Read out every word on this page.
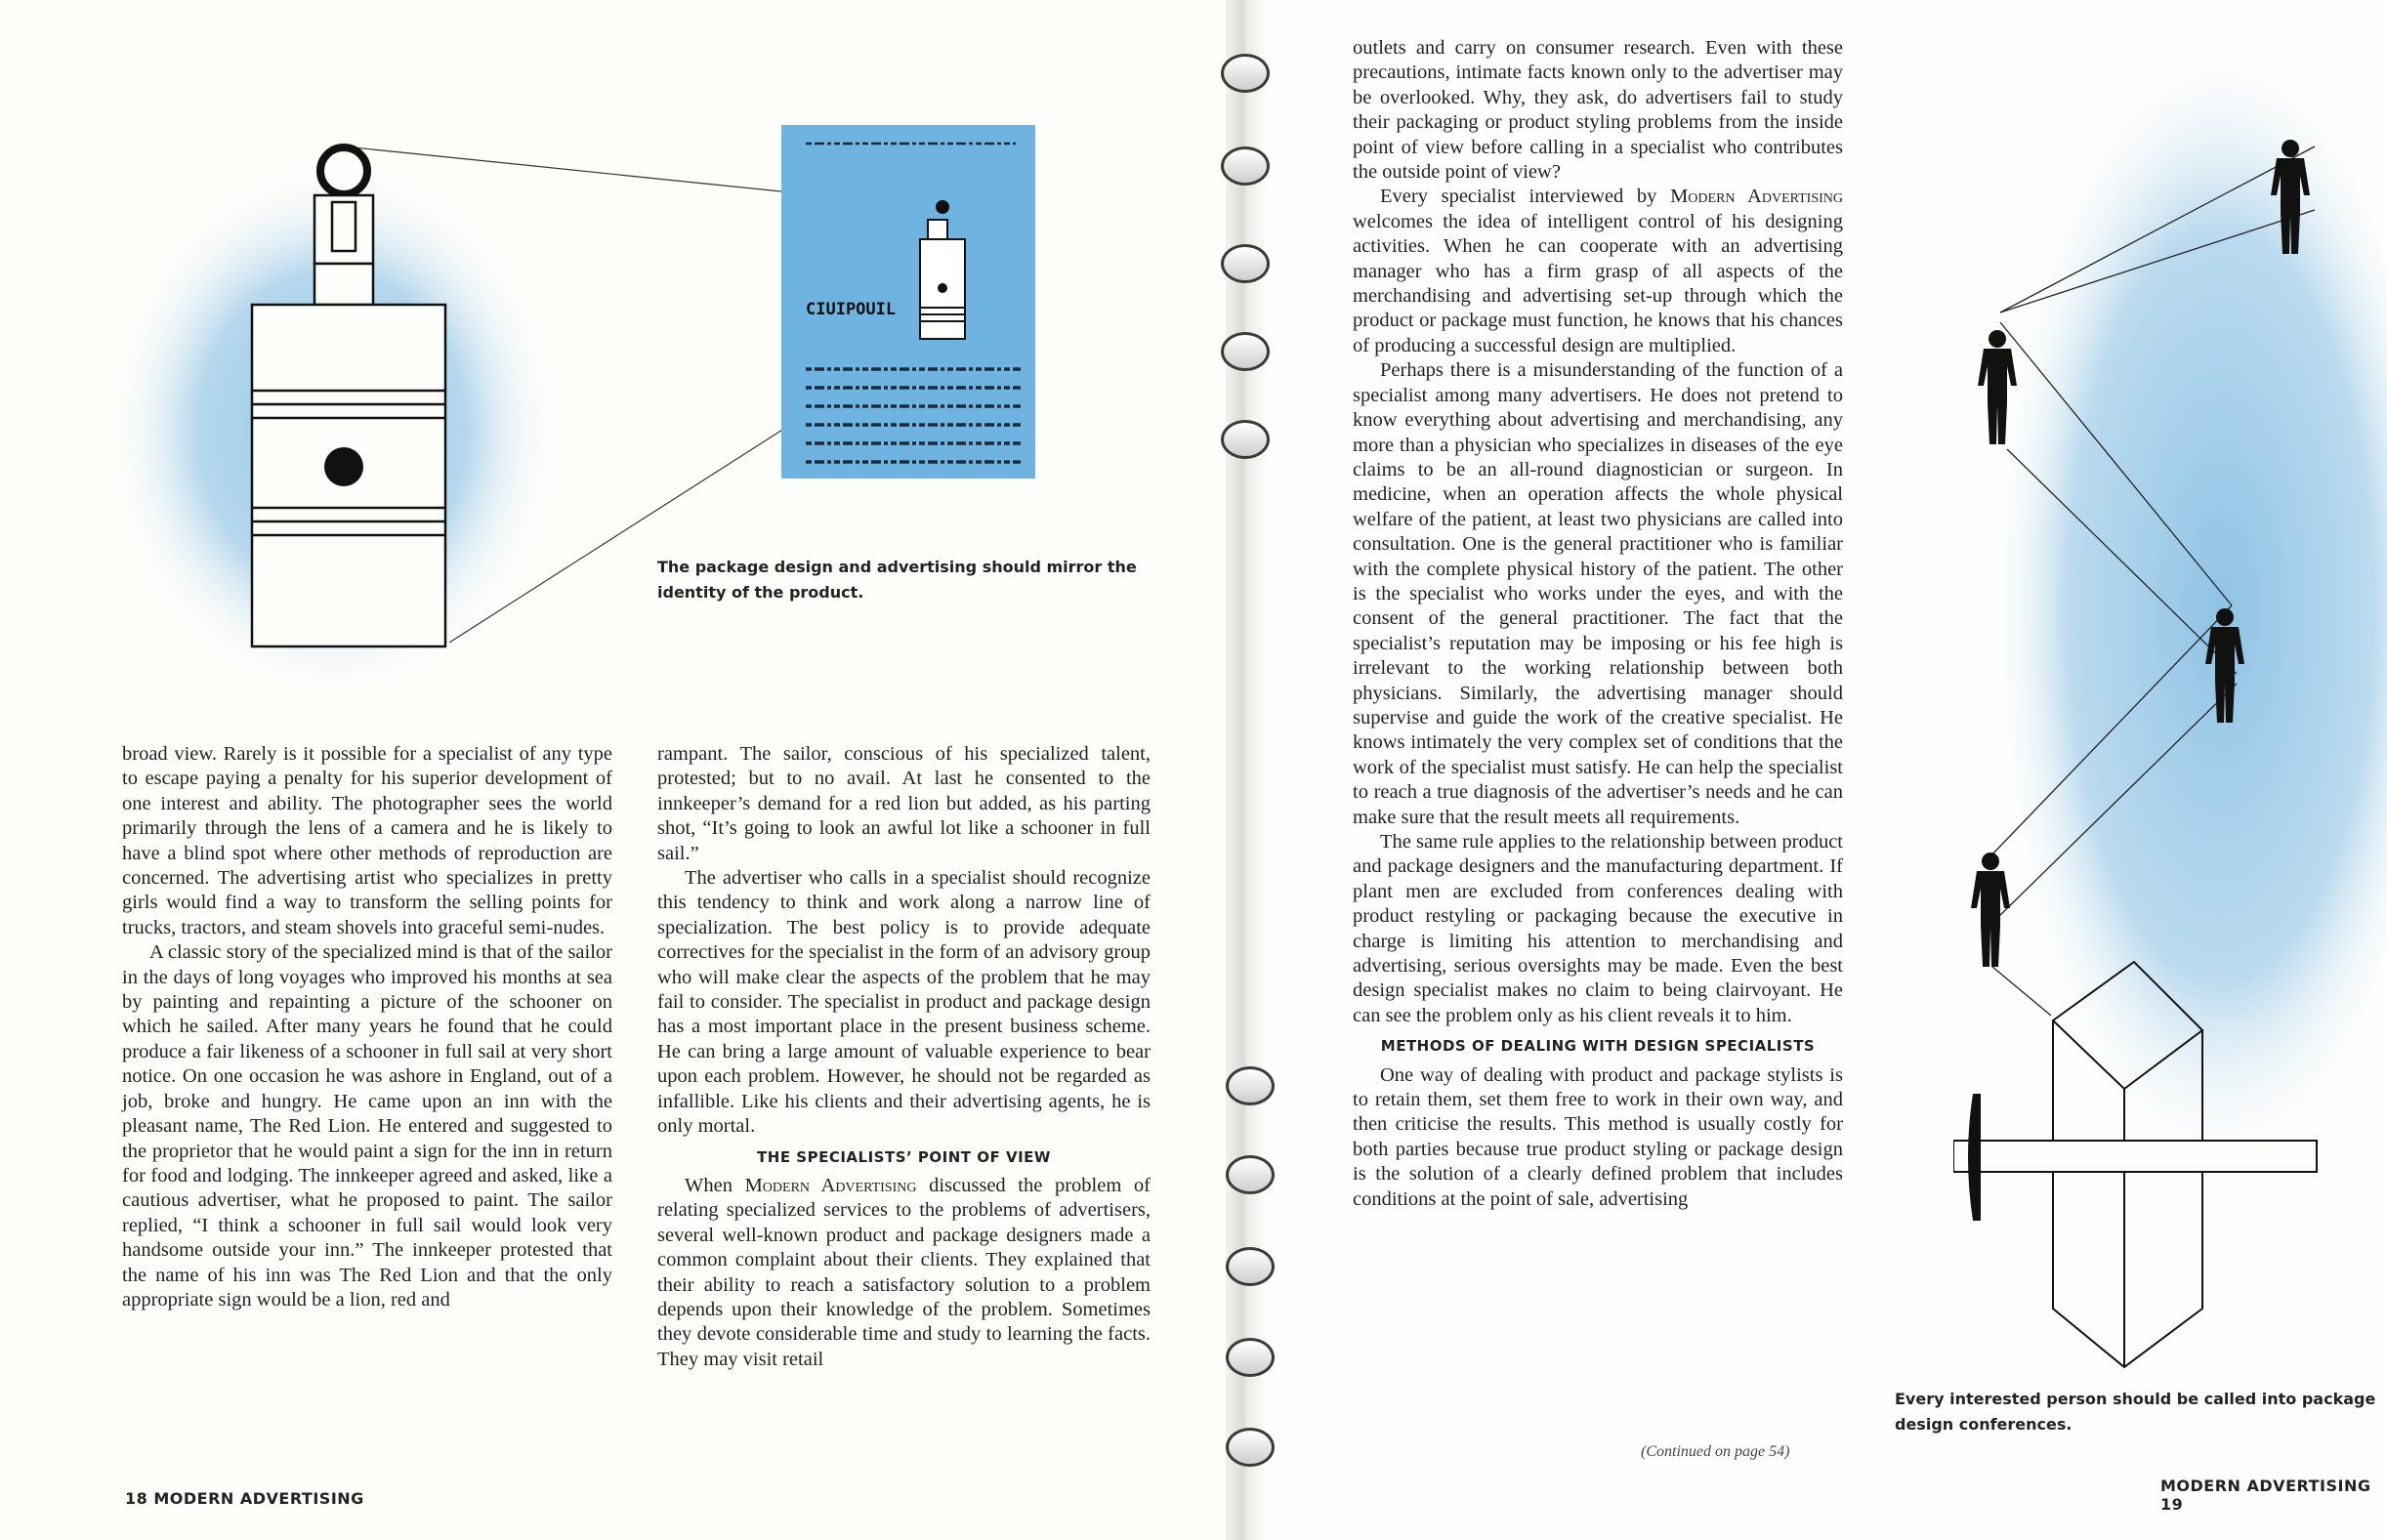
CIUIPOUIL
The package design and advertising should mirror the identity of the product.

broad view. Rarely is it possible for a specialist of any type to escape paying a penalty for his superior development of one interest and ability. The photographer sees the world primarily through the lens of a camera and he is likely to have a blind spot where other methods of reproduction are concerned. The advertising artist who specializes in pretty girls would find a way to transform the selling points for trucks, tractors, and steam shovels into graceful semi-nudes.

A classic story of the specialized mind is that of the sailor in the days of long voyages who improved his months at sea by painting and repainting a picture of the schooner on which he sailed. After many years he found that he could produce a fair likeness of a schooner in full sail at very short notice. On one occasion he was ashore in England, out of a job, broke and hungry. He came upon an inn with the pleasant name, The Red Lion. He entered and suggested to the proprietor that he would paint a sign for the inn in return for food and lodging. The innkeeper agreed and asked, like a cautious advertiser, what he proposed to paint. The sailor replied, “I think a schooner in full sail would look very handsome outside your inn.” The innkeeper protested that the name of his inn was The Red Lion and that the only appropriate sign would be a lion, red and

rampant. The sailor, conscious of his specialized talent, protested; but to no avail. At last he consented to the innkeeper’s demand for a red lion but added, as his parting shot, “It’s going to look an awful lot like a schooner in full sail.”

The advertiser who calls in a specialist should recognize this tendency to think and work along a narrow line of specialization. The best policy is to provide adequate correctives for the specialist in the form of an advisory group who will make clear the aspects of the problem that he may fail to consider. The specialist in product and package design has a most important place in the present business scheme. He can bring a large amount of valuable experience to bear upon each problem. However, he should not be regarded as infallible. Like his clients and their advertising agents, he is only mortal.

THE SPECIALISTS’ POINT OF VIEW

When Modern Advertising discussed the problem of relating specialized services to the problems of advertisers, several well-known product and package designers made a common complaint about their clients. They explained that their ability to reach a satisfactory solution to a problem depends upon their knowledge of the problem. Sometimes they devote considerable time and study to learning the facts. They may visit retail

18 MODERN ADVERTISING

outlets and carry on consumer research. Even with these precautions, intimate facts known only to the advertiser may be overlooked. Why, they ask, do advertisers fail to study their packaging or product styling problems from the inside point of view before calling in a specialist who contributes the outside point of view?

Every specialist interviewed by Modern Advertising welcomes the idea of intelligent control of his designing activities. When he can cooperate with an advertising manager who has a firm grasp of all aspects of the merchandising and advertising set-up through which the product or package must function, he knows that his chances of producing a successful design are multiplied.

Perhaps there is a misunderstanding of the function of a specialist among many advertisers. He does not pretend to know everything about advertising and merchandising, any more than a physician who specializes in diseases of the eye claims to be an all-round diagnostician or surgeon. In medicine, when an operation affects the whole physical welfare of the patient, at least two physicians are called into consultation. One is the general practitioner who is familiar with the complete physical history of the patient. The other is the specialist who works under the eyes, and with the consent of the general practitioner. The fact that the specialist’s reputation may be imposing or his fee high is irrelevant to the working relationship between both physicians. Similarly, the advertising manager should supervise and guide the work of the creative specialist. He knows intimately the very complex set of conditions that the work of the specialist must satisfy. He can help the specialist to reach a true diagnosis of the advertiser’s needs and he can make sure that the result meets all requirements.

The same rule applies to the relationship between product and package designers and the manufacturing department. If plant men are excluded from conferences dealing with product restyling or packaging because the executive in charge is limiting his attention to merchandising and advertising, serious oversights may be made. Even the best design specialist makes no claim to being clairvoyant. He can see the problem only as his client reveals it to him.

METHODS OF DEALING WITH DESIGN SPECIALISTS

One way of dealing with product and package stylists is to retain them, set them free to work in their own way, and then criticise the results. This method is usually costly for both parties because true product styling or package design is the solution of a clearly defined problem that includes conditions at the point of sale, advertising

(Continued on page 54)
Every interested person should be called into package design conferences.
MODERN ADVERTISING 19
